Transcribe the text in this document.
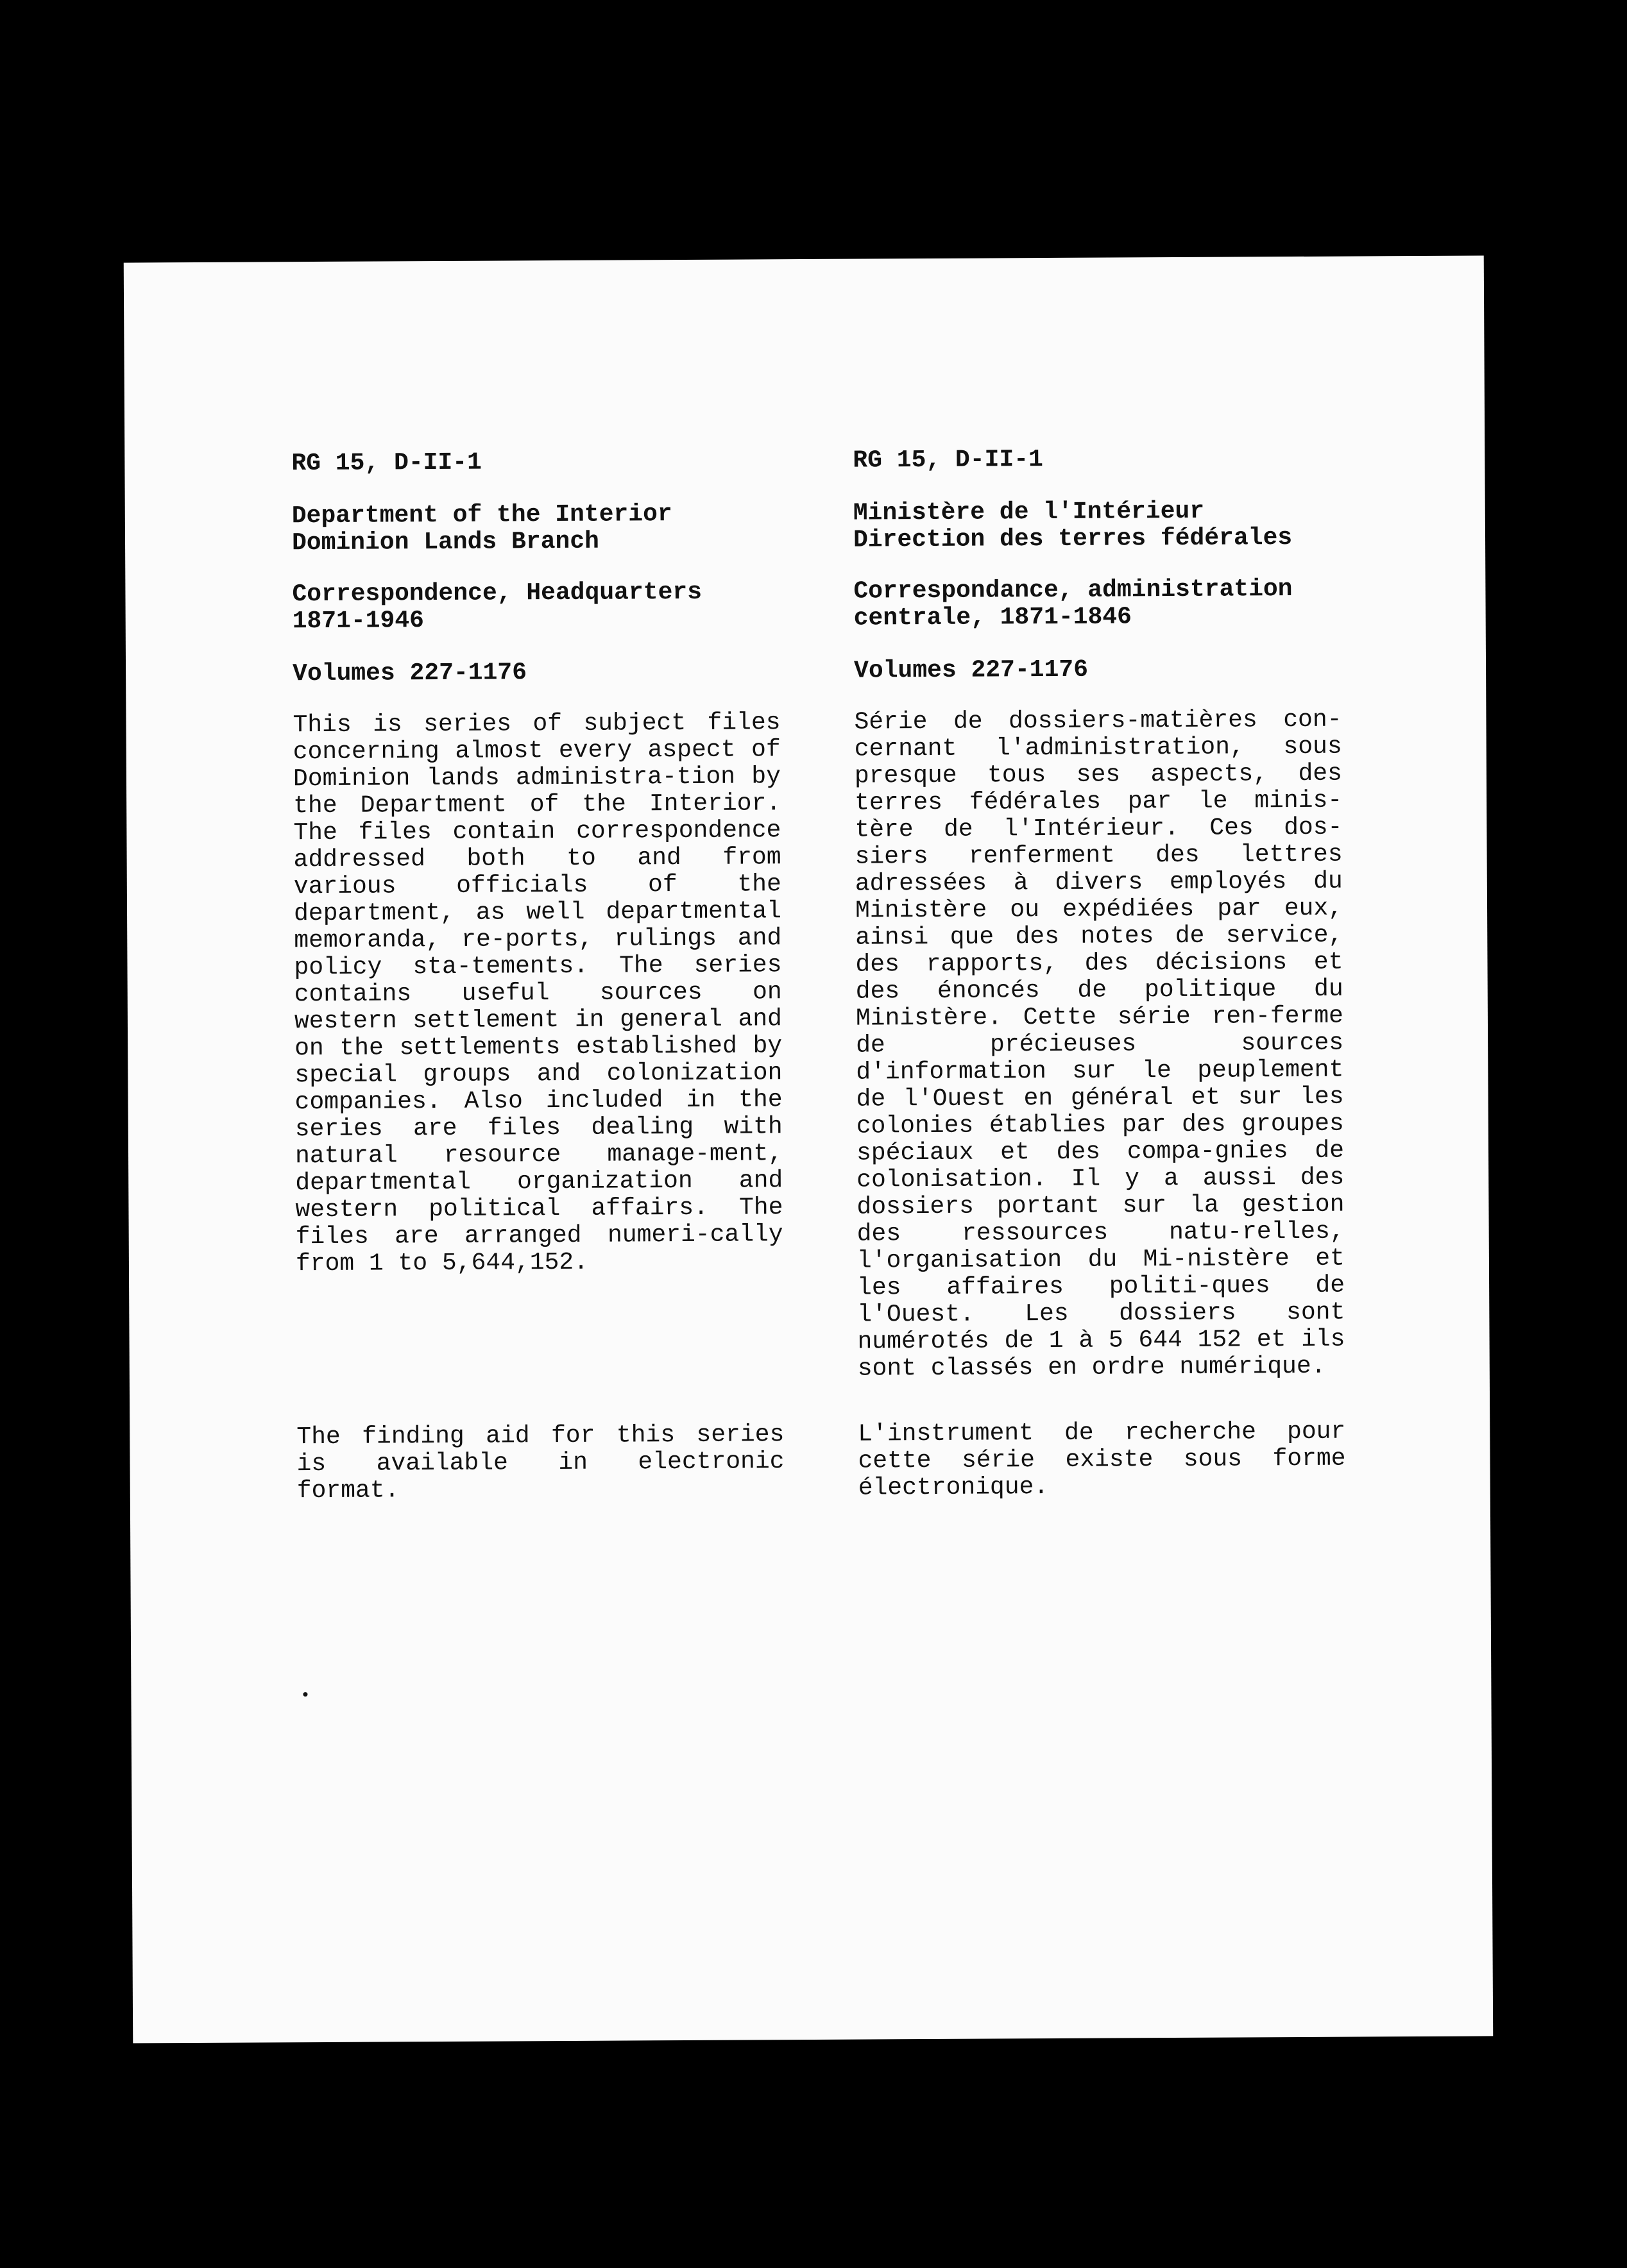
RG 15, D-II-1

Department of the Interior
Dominion Lands Branch

Correspondence, Headquarters
1871-1946

Volumes 227-1176

This is series of subject files concerning almost every aspect of Dominion lands administra-tion by the Department of the Interior. The files contain correspondence addressed both to and from various officials of the department, as well departmental memoranda, re-ports, rulings and policy sta-tements. The series contains useful sources on western settlement in general and on the settlements established by special groups and colonization companies. Also included in the series are files dealing with natural resource manage-ment, departmental organization and western political affairs. The files are arranged numeri-cally from 1 to 5,644,152.

The finding aid for this series is available in electronic format.

RG 15, D-II-1

Ministère de l'Intérieur
Direction des terres fédérales

Correspondance, administration
centrale, 1871-1846

Volumes 227-1176

Série de dossiers-matières con-cernant l'administration, sous presque tous ses aspects, des terres fédérales par le minis-tère de l'Intérieur. Ces dos-siers renferment des lettres adressées à divers employés du Ministère ou expédiées par eux, ainsi que des notes de service, des rapports, des décisions et des énoncés de politique du Ministère. Cette série ren-ferme de précieuses sources d'information sur le peuplement de l'Ouest en général et sur les colonies établies par des groupes spéciaux et des compa-gnies de colonisation. Il y a aussi des dossiers portant sur la gestion des ressources natu-relles, l'organisation du Mi-nistère et les affaires politi-ques de l'Ouest. Les dossiers sont numérotés de 1 à 5 644 152 et ils sont classés en ordre numérique.

L'instrument de recherche pour cette série existe sous forme électronique.
